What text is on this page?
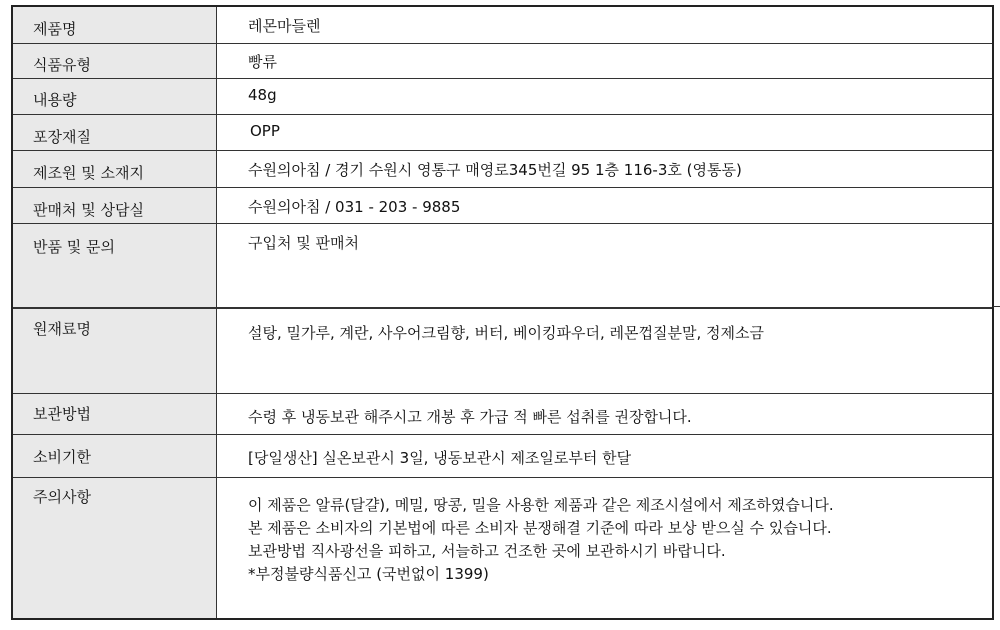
제품명	레몬마들렌
식품유형	빵류
내용량	48g
포장재질	OPP
제조원 및 소재지	수원의아침 / 경기 수원시 영통구 매영로345번길 95 1층 116-3호 (영통동)
판매처 및 상담실	수원의아침 / 031 - 203 - 9885
반품 및 문의	구입처 및 판매처
원재료명	설탕, 밀가루, 계란, 사우어크림향, 버터, 베이킹파우더, 레몬껍질분말, 정제소금
보관방법	수령 후 냉동보관 해주시고 개봉 후 가급 적 빠른 섭취를 권장합니다.
소비기한	[당일생산] 실온보관시 3일, 냉동보관시 제조일로부터 한달
주의사항	이 제품은 알류(달걀), 메밀, 땅콩, 밀을 사용한 제품과 같은 제조시설에서 제조하였습니다.
본 제품은 소비자의 기본법에 따른 소비자 분쟁해결 기준에 따라 보상 받으실 수 있습니다.
보관방법 직사광선을 피하고, 서늘하고 건조한 곳에 보관하시기 바랍니다.
*부정불량식품신고 (국번없이 1399)
